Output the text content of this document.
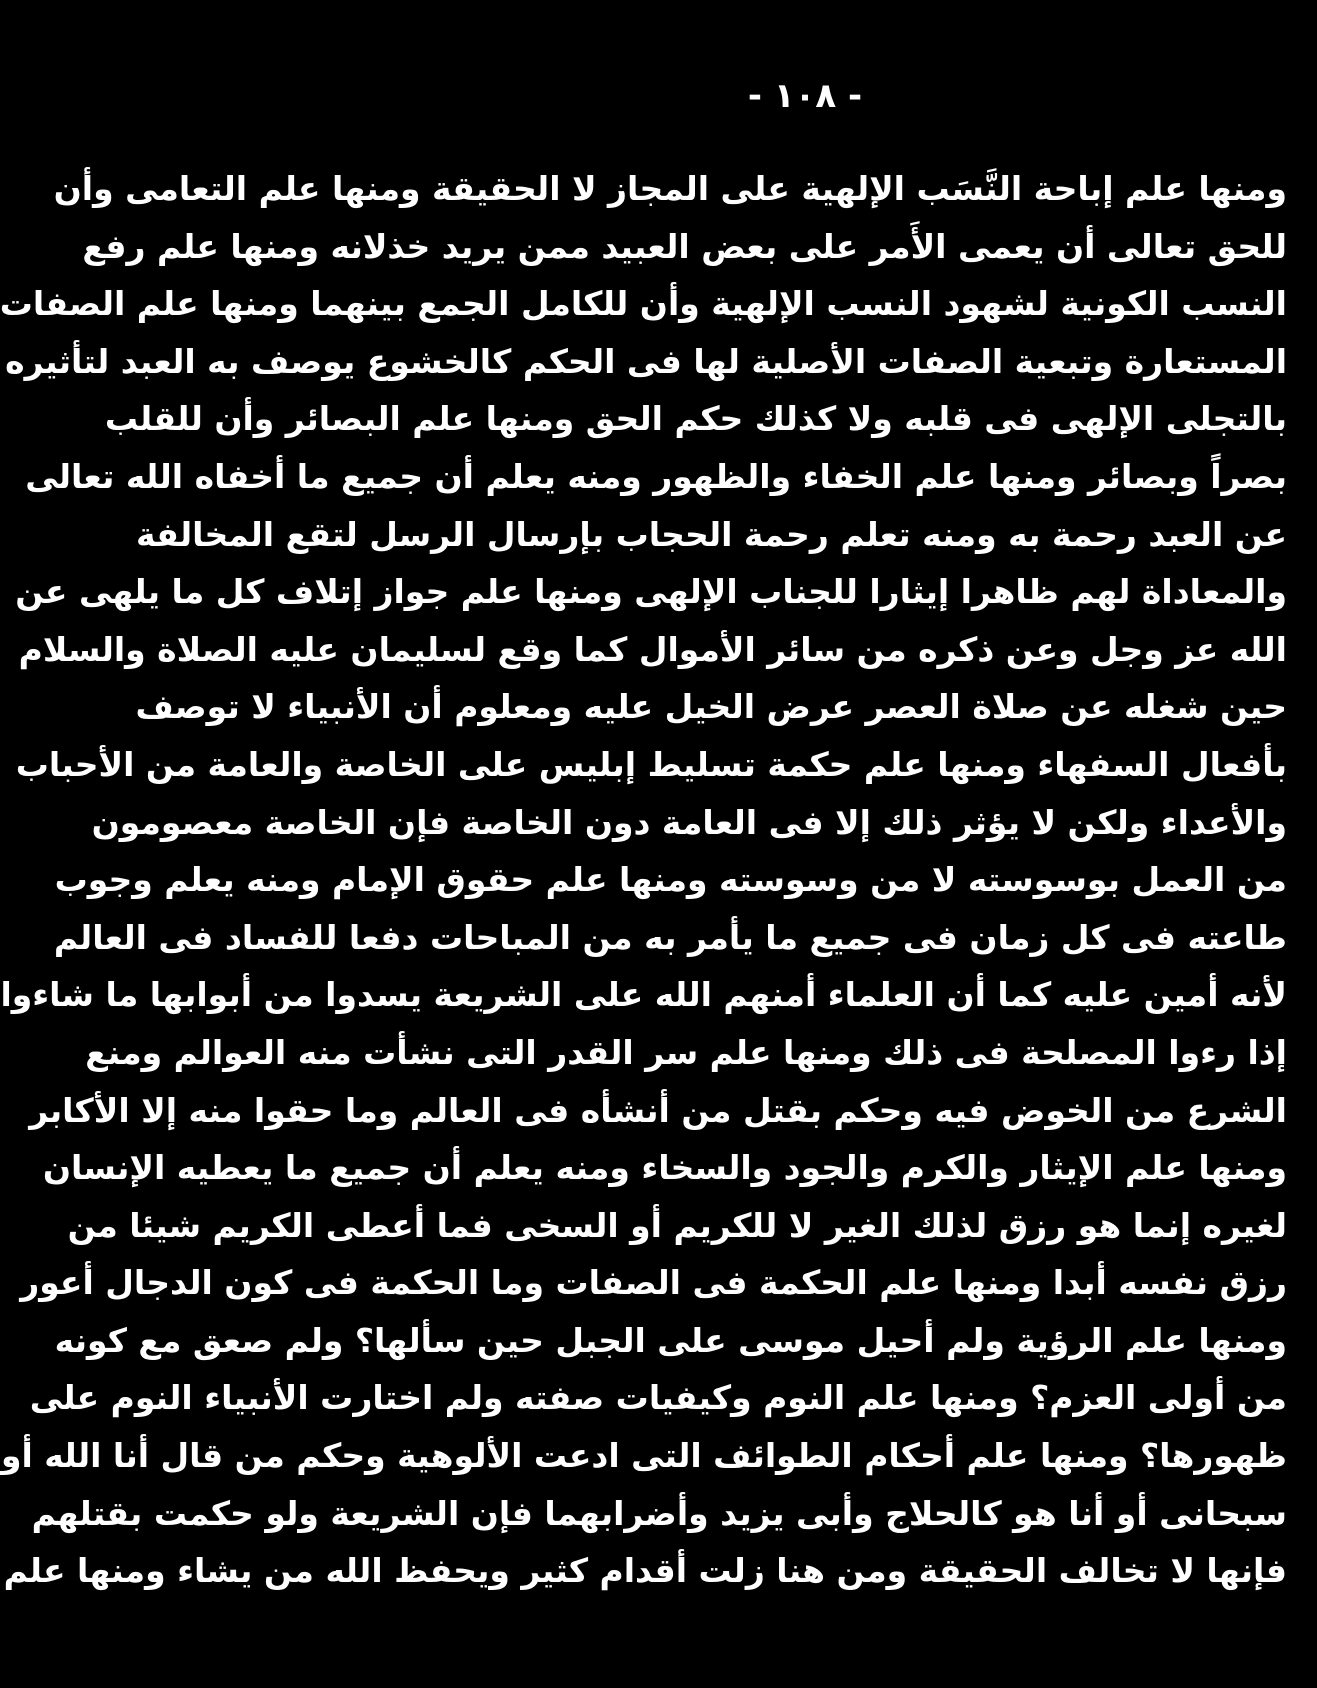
- ١٠٨ -
ومنها علم إباحة النَّسَب الإلهية على المجاز لا الحقيقة ومنها علم التعامى وأن
للحق تعالى أن يعمى الأَمر على بعض العبيد ممن يريد خذلانه ومنها علم رفع
النسب الكونية لشهود النسب الإلهية وأن للكامل الجمع بينهما ومنها علم الصفات
المستعارة وتبعية الصفات الأصلية لها فى الحكم كالخشوع يوصف به العبد لتأثيره
بالتجلى الإلهى فى قلبه ولا كذلك حكم الحق ومنها علم البصائر وأن للقلب
بصراً وبصائر ومنها علم الخفاء والظهور ومنه يعلم أن جميع ما أخفاه الله تعالى
عن العبد رحمة به ومنه تعلم رحمة الحجاب بإرسال الرسل لتقع المخالفة
والمعاداة لهم ظاهرا إيثارا للجناب الإلهى ومنها علم جواز إتلاف كل ما يلهى عن
الله عز وجل وعن ذكره من سائر الأموال كما وقع لسليمان عليه الصلاة والسلام
حين شغله عن صلاة العصر عرض الخيل عليه ومعلوم أن الأنبياء لا توصف
بأفعال السفهاء ومنها علم حكمة تسليط إبليس على الخاصة والعامة من الأحباب
والأعداء ولكن لا يؤثر ذلك إلا فى العامة دون الخاصة فإن الخاصة معصومون
من العمل بوسوسته لا من وسوسته ومنها علم حقوق الإمام ومنه يعلم وجوب
طاعته فى كل زمان فى جميع ما يأمر به من المباحات دفعا للفساد فى العالم
لأنه أمين عليه كما أن العلماء أمنهم الله على الشريعة يسدوا من أبوابها ما شاءوا
إذا رءوا المصلحة فى ذلك ومنها علم سر القدر التى نشأت منه العوالم ومنع
الشرع من الخوض فيه وحكم بقتل من أنشأه فى العالم وما حقوا منه إلا الأكابر
ومنها علم الإيثار والكرم والجود والسخاء ومنه يعلم أن جميع ما يعطيه الإنسان
لغيره إنما هو رزق لذلك الغير لا للكريم أو السخى فما أعطى الكريم شيئا من
رزق نفسه أبدا ومنها علم الحكمة فى الصفات وما الحكمة فى كون الدجال أعور
ومنها علم الرؤية ولم أحيل موسى على الجبل حين سألها؟ ولم صعق مع كونه
من أولى العزم؟ ومنها علم النوم وكيفيات صفته ولم اختارت الأنبياء النوم على
ظهورها؟ ومنها علم أحكام الطوائف التى ادعت الألوهية وحكم من قال أنا الله أو
سبحانى أو أنا هو كالحلاج وأبى يزيد وأضرابهما فإن الشريعة ولو حكمت بقتلهم
فإنها لا تخالف الحقيقة ومن هنا زلت أقدام كثير ويحفظ الله من يشاء ومنها علم
